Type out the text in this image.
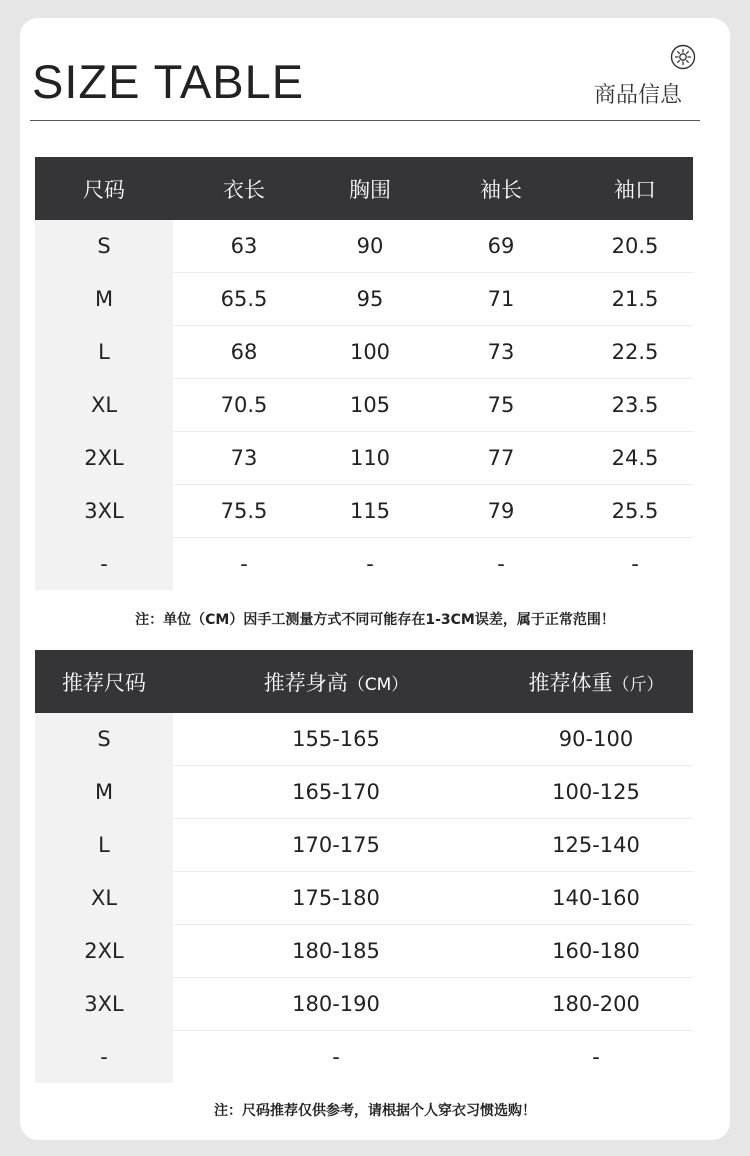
SIZE TABLE	商品信息
尺码	衣长	胸围	袖长	袖口
S	63	90	69	20.5
M	65.5	95	71	21.5
L	68	100	73	22.5
XL	70.5	105	75	23.5
2XL	73	110	77	24.5
3XL	75.5	115	79	25.5
-	-	-	-	-
注：单位（CM）因手工测量方式不同可能存在1-3CM误差，属于正常范围！
推荐尺码	推荐身高（CM）	推荐体重（斤）
S	155-165	90-100
M	165-170	100-125
L	170-175	125-140
XL	175-180	140-160
2XL	180-185	160-180
3XL	180-190	180-200
-	-	-
注：尺码推荐仅供参考，请根据个人穿衣习惯选购！
